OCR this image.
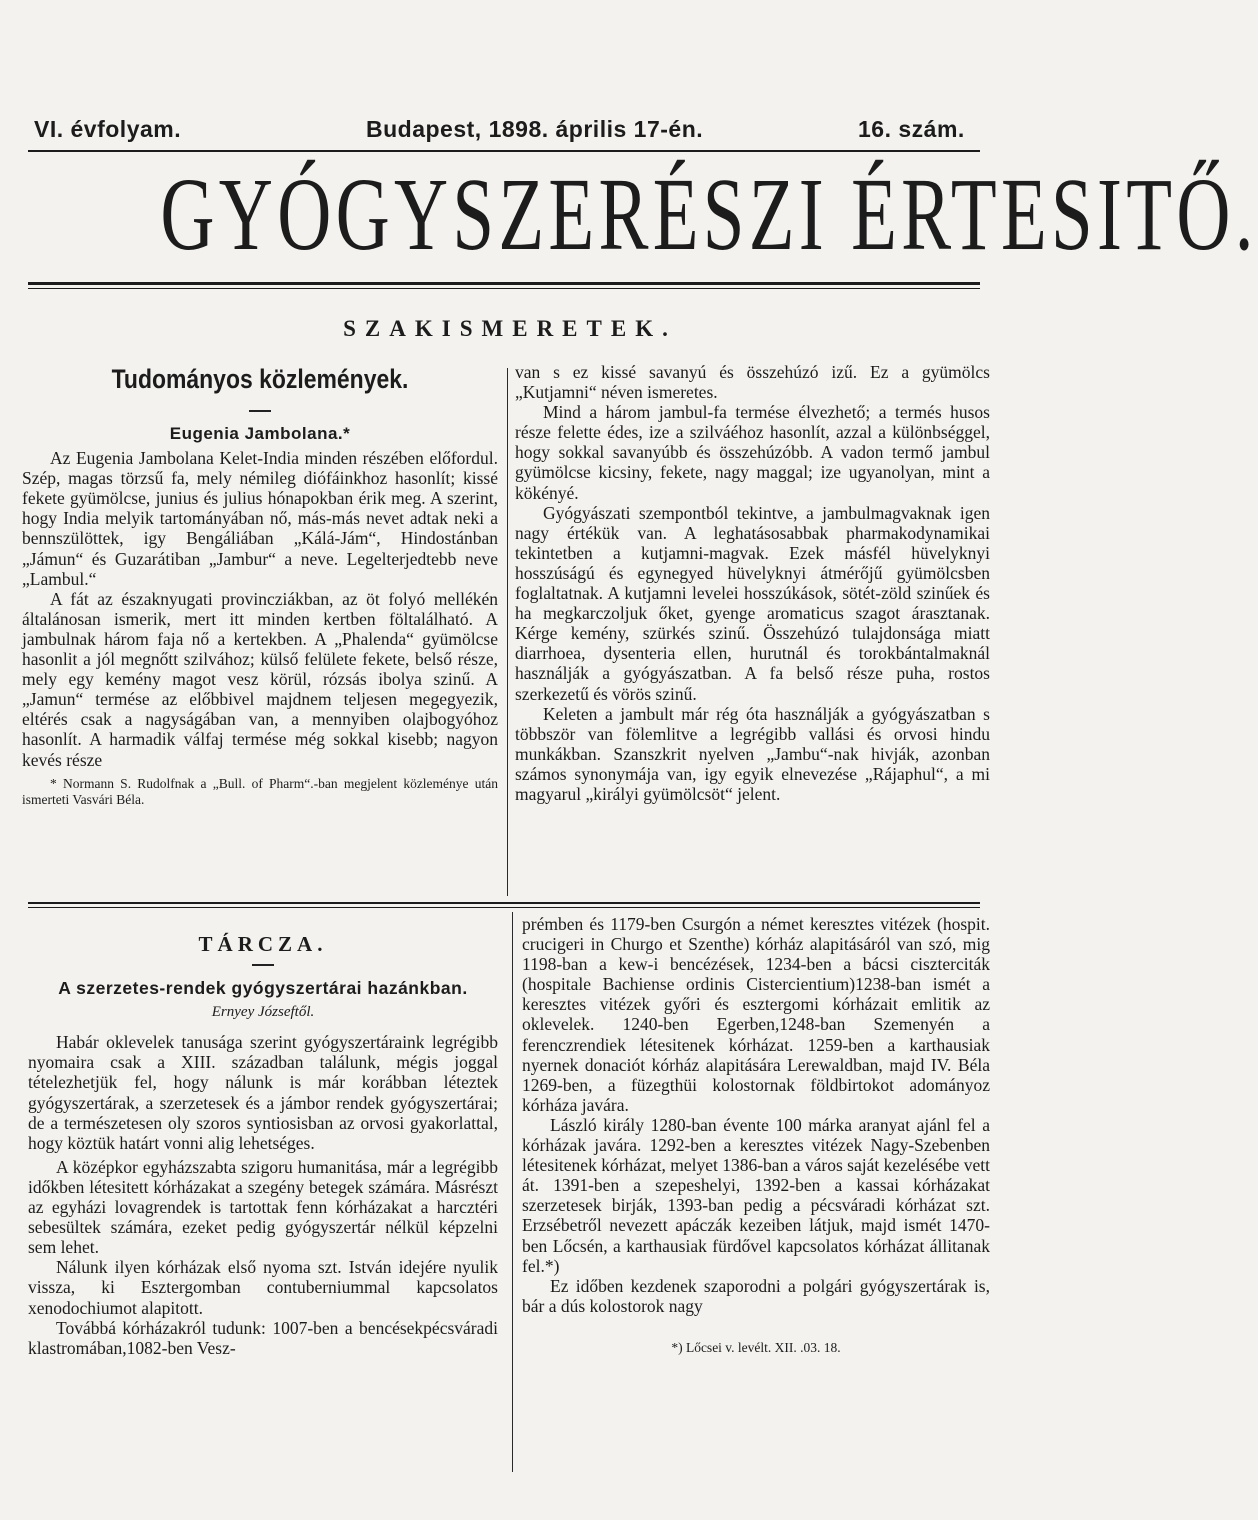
VI. évfolyam.	Budapest, 1898. április 17-én.	16. szám.
GYÓGYSZERÉSZI ÉRTESITŐ.
SZAKISMERETEK.
Tudományos közlemények.
Eugenia Jambolana.*

Az Eugenia Jambolana Kelet-India minden részében előfordul. Szép, magas törzsű fa, mely némileg diófáinkhoz hasonlít; kissé fekete gyümölcse, junius és julius hónapokban érik meg. A szerint, hogy India melyik tartományában nő, más-más nevet adtak neki a bennszülöttek, igy Bengáliában „Kálá-Jám“, Hindostánban „Jámun“ és Guzarátiban „Jambur“ a neve. Legelterjedtebb neve „Lambul.“

A fát az északnyugati provincziákban, az öt folyó mellékén általánosan ismerik, mert itt minden kertben föltalálható. A jambulnak három faja nő a kertekben. A „Phalenda“ gyümölcse hasonlit a jól megnőtt szilvához; külső felülete fekete, belső része, mely egy kemény magot vesz körül, rózsás ibolya szinű. A „Jamun“ termése az előbbivel majdnem teljesen megegyezik, eltérés csak a nagyságában van, a mennyiben olajbogyóhoz hasonlít. A harmadik válfaj termése még sokkal kisebb; nagyon kevés része

* Normann S. Rudolfnak a „Bull. of Pharm“.-ban megjelent közleménye után ismerteti Vasvári Béla.

van s ez kissé savanyú és összehúzó izű. Ez a gyümölcs „Kutjamni“ néven ismeretes.

Mind a három jambul-fa termése élvezhető; a termés husos része felette édes, ize a szilváéhoz hasonlít, azzal a különbséggel, hogy sokkal savanyúbb és összehúzóbb. A vadon termő jambul gyümölcse kicsiny, fekete, nagy maggal; ize ugyanolyan, mint a kökényé.

Gyógyászati szempontból tekintve, a jambulmagvaknak igen nagy értékük van. A leghatásosabbak pharmakodynamikai tekintetben a kutjamni-magvak. Ezek másfél hüvelyknyi hosszúságú és egynegyed hüvelyknyi átmérőjű gyümölcsben foglaltatnak. A kutjamni levelei hosszúkások, sötét-zöld szinűek és ha megkarczoljuk őket, gyenge aromaticus szagot árasztanak. Kérge kemény, szürkés szinű. Összehúzó tulajdonsága miatt diarrhoea, dysenteria ellen, hurutnál és torokbántalmaknál használják a gyógyászatban. A fa belső része puha, rostos szerkezetű és vörös szinű.

Keleten a jambult már rég óta használják a gyógyászatban s többször van fölemlitve a legrégibb vallási és orvosi hindu munkákban. Szanszkrit nyelven „Jambu“-nak hivják, azonban számos synonymája van, igy egyik elnevezése „Rájaphul“, a mi magyarul „királyi gyümölcsöt“ jelent.

TÁRCZA.
A szerzetes-rendek gyógyszertárai hazánkban.
Ernyey Józseftől.

Habár oklevelek tanusága szerint gyógyszertáraink legrégibb nyomaira csak a XIII. században találunk, mégis joggal tételezhetjük fel, hogy nálunk is már korábban léteztek gyógyszertárak, a szerzetesek és a jámbor rendek gyógyszertárai; de a természetesen oly szoros syntiosisban az orvosi gyakorlattal, hogy köztük határt vonni alig lehetséges.

A középkor egyházszabta szigoru humanitása, már a legrégibb időkben létesitett kórházakat a szegény betegek számára. Másrészt az egyházi lovagrendek is tartottak fenn kórházakat a harcztéri sebesültek számára, ezeket pedig gyógyszertár nélkül képzelni sem lehet.

Nálunk ilyen kórházak első nyoma szt. István idejére nyulik vissza, ki Esztergomban contuberniummal kapcsolatos xenodochiumot alapitott.

Továbbá kórházakról tudunk: 1007-ben a bencésekpécsváradi klastromában,1082-ben Vesz-

prémben és 1179-ben Csurgón a német keresztes vitézek (hospit. crucigeri in Churgo et Szenthe) kórház alapitásáról van szó, mig 1198-ban a kew-i bencézések, 1234-ben a bácsi ciszterciták (hospitale Bachiense ordinis Cistercientium)1238-ban ismét a keresztes vitézek győri és esztergomi kórházait emlitik az oklevelek. 1240-ben Egerben,1248-ban Szemenyén a ferenczrendiek létesitenek kórházat. 1259-ben a karthausiak nyernek donaciót kórház alapitására Lerewaldban, majd IV. Béla 1269-ben, a füzegthüi kolostornak földbirtokot adományoz kórháza javára.

László király 1280-ban évente 100 márka aranyat ajánl fel a kórházak javára. 1292-ben a keresztes vitézek Nagy-Szebenben létesitenek kórházat, melyet 1386-ban a város saját kezelésébe vett át. 1391-ben a szepeshelyi, 1392-ben a kassai kórházakat szerzetesek birják, 1393-ban pedig a pécsváradi kórházat szt. Erzsébetről nevezett apáczák kezeiben látjuk, majd ismét 1470-ben Lőcsén, a karthausiak fürdővel kapcsolatos kórházat állitanak fel.*)

Ez időben kezdenek szaporodni a polgári gyógyszertárak is, bár a dús kolostorok nagy

*) Lőcsei v. levélt. XII. .03. 18.
